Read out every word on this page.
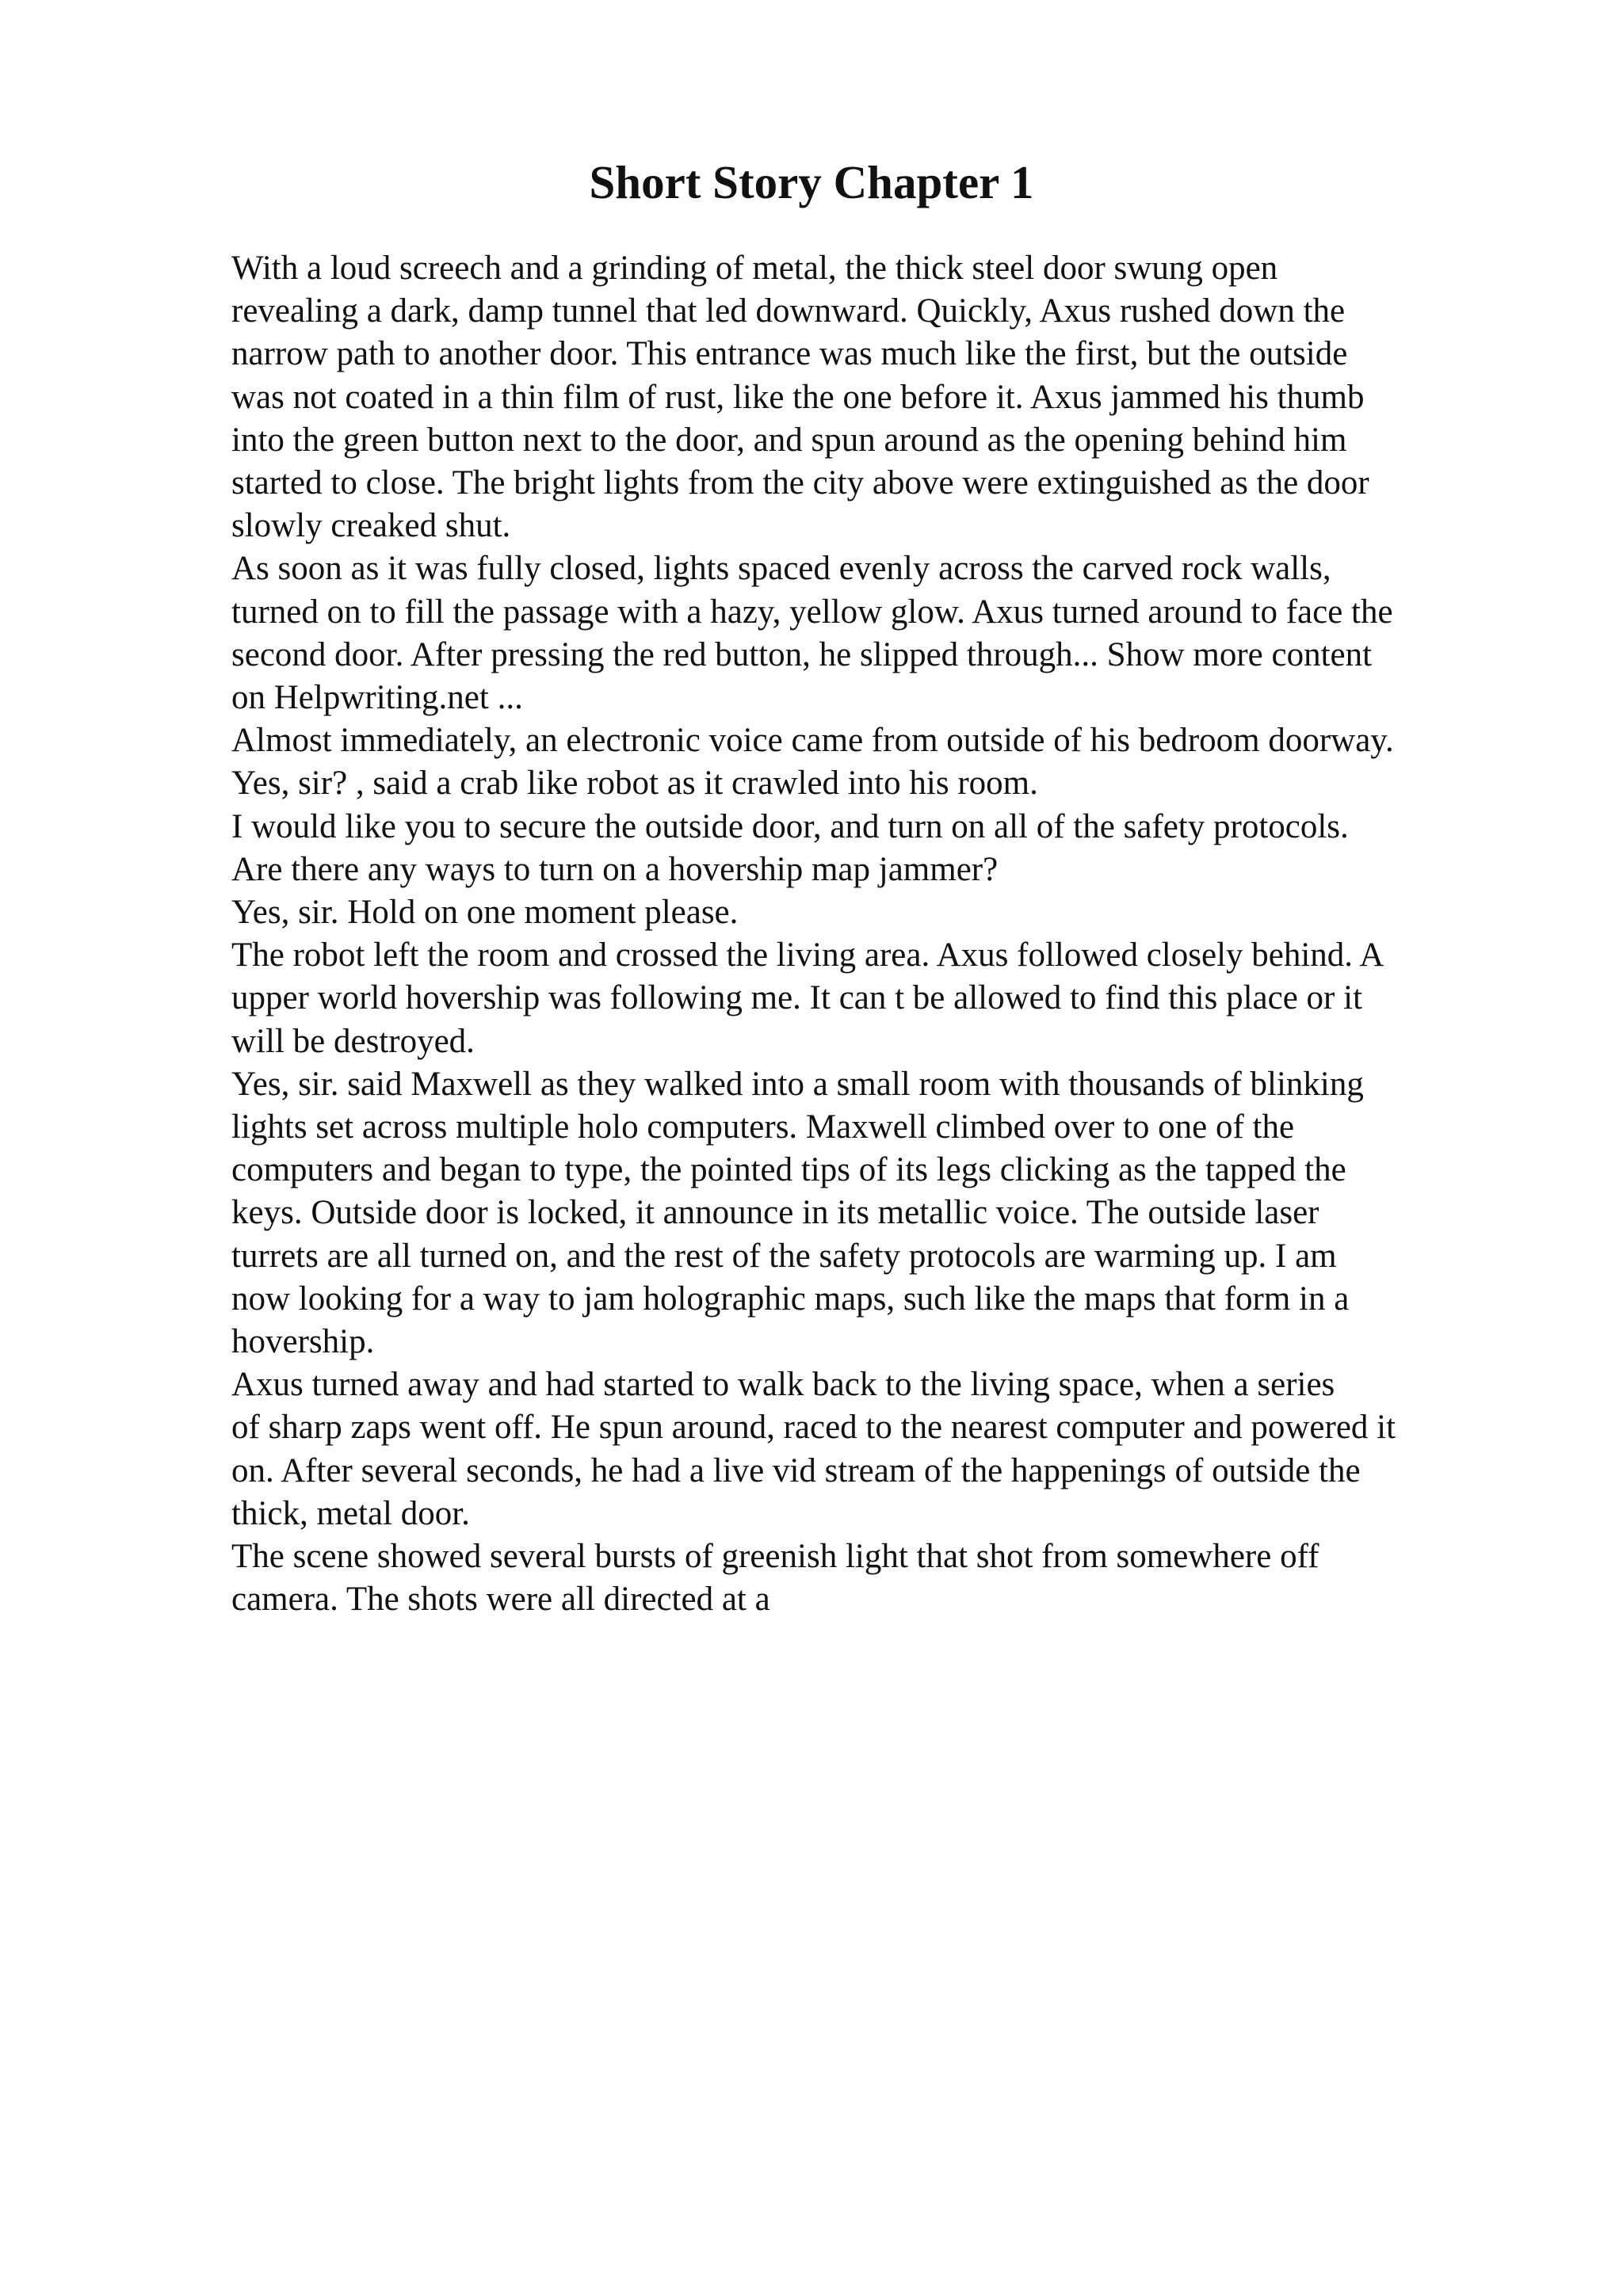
Short Story Chapter 1
With a loud screech and a grinding of metal, the thick steel door swung open
revealing a dark, damp tunnel that led downward. Quickly, Axus rushed down the
narrow path to another door. This entrance was much like the first, but the outside
was not coated in a thin film of rust, like the one before it. Axus jammed his thumb
into the green button next to the door, and spun around as the opening behind him
started to close. The bright lights from the city above were extinguished as the door
slowly creaked shut.
As soon as it was fully closed, lights spaced evenly across the carved rock walls,
turned on to fill the passage with a hazy, yellow glow. Axus turned around to face the
second door. After pressing the red button, he slipped through... Show more content
on Helpwriting.net ...
Almost immediately, an electronic voice came from outside of his bedroom doorway.
Yes, sir? , said a crab like robot as it crawled into his room.
I would like you to secure the outside door, and turn on all of the safety protocols.
Are there any ways to turn on a hovership map jammer?
Yes, sir. Hold on one moment please.
The robot left the room and crossed the living area. Axus followed closely behind. A
upper world hovership was following me. It can t be allowed to find this place or it
will be destroyed.
Yes, sir. said Maxwell as they walked into a small room with thousands of blinking
lights set across multiple holo computers. Maxwell climbed over to one of the
computers and began to type, the pointed tips of its legs clicking as the tapped the
keys. Outside door is locked, it announce in its metallic voice. The outside laser
turrets are all turned on, and the rest of the safety protocols are warming up. I am
now looking for a way to jam holographic maps, such like the maps that form in a
hovership.
Axus turned away and had started to walk back to the living space, when a series
of sharp zaps went off. He spun around, raced to the nearest computer and powered it
on. After several seconds, he had a live vid stream of the happenings of outside the
thick, metal door.
The scene showed several bursts of greenish light that shot from somewhere off
camera. The shots were all directed at a
